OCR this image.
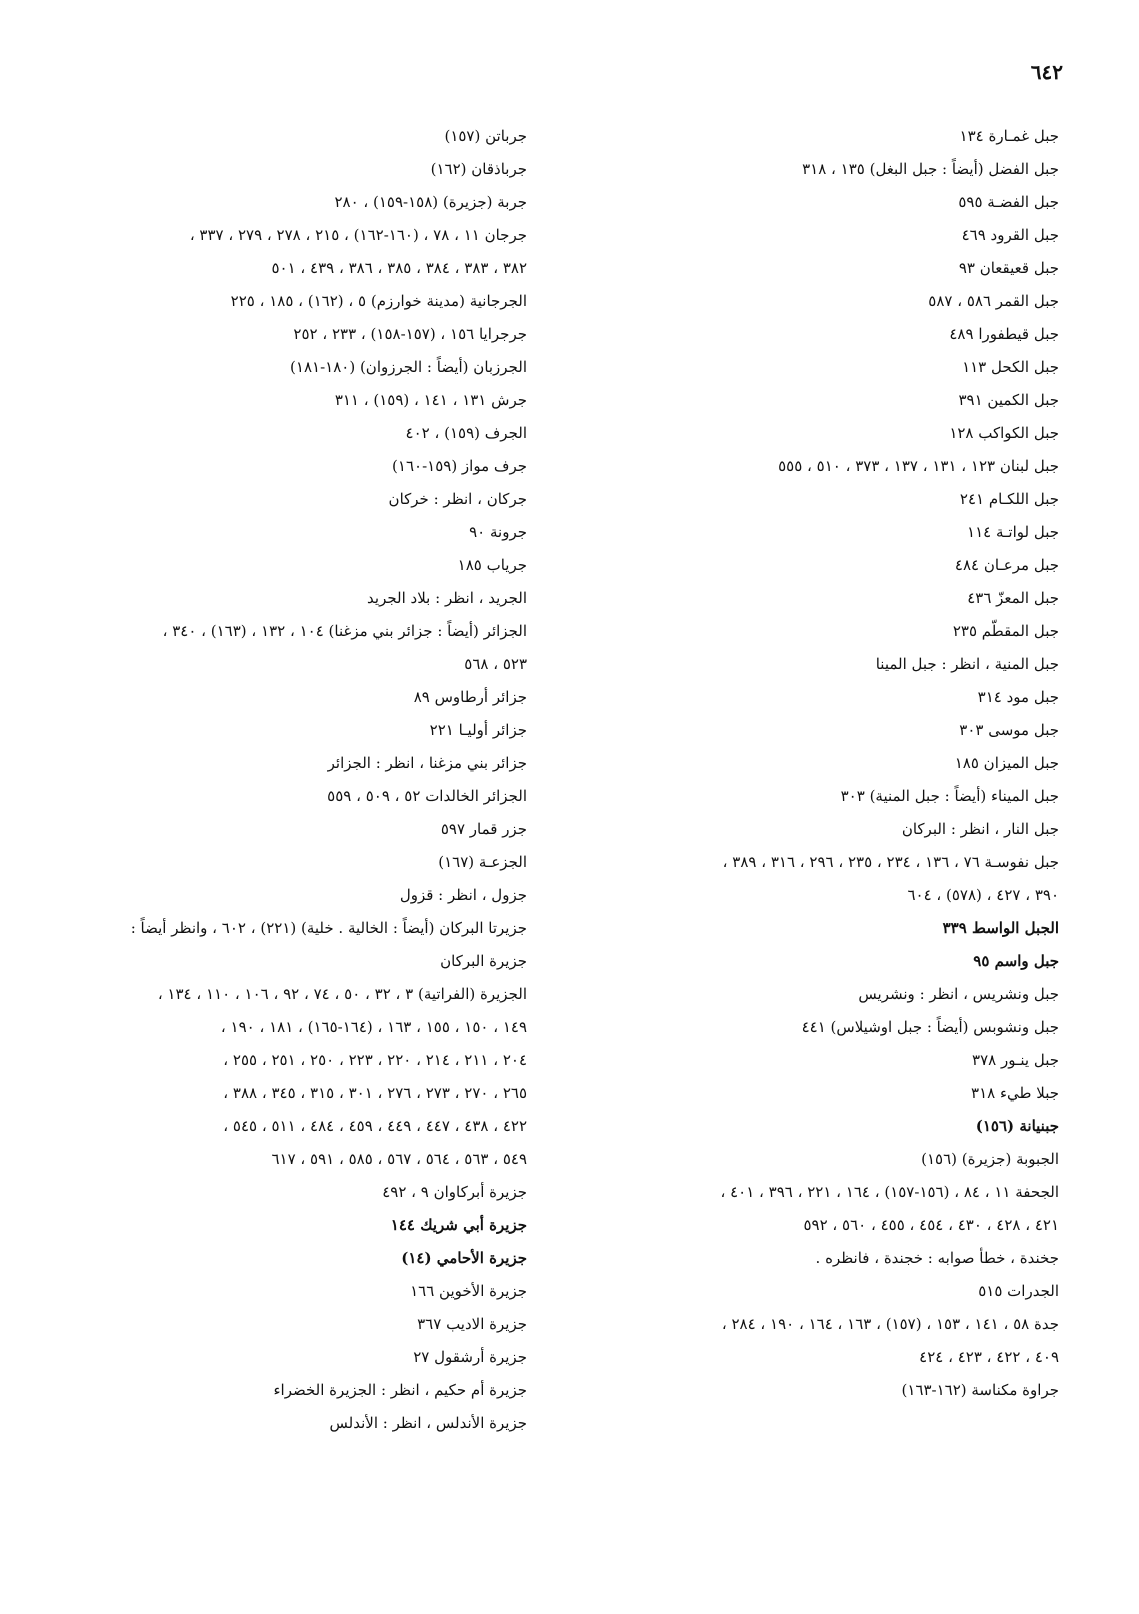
٦٤٢
جبل غمـارة ١٣٤
جبل الفضل (أيضاً : جبل البغل) ١٣٥ ، ٣١٨
جبل الفضـة ٥٩٥
جبل القرود ٤٦٩
جبل قعيقعان ٩٣
جبل القمر ٥٨٦ ، ٥٨٧
جبل قيطفورا ٤٨٩
جبل الكحل ١١٣
جبل الكمين ٣٩١
جبل الكواكب ١٢٨
جبل لبنان ١٢٣ ، ١٣١ ، ١٣٧ ، ٣٧٣ ، ٥١٠ ، ٥٥٥
جبل اللكـام ٢٤١
جبل لواتـة ١١٤
جبل مرعـان ٤٨٤
جبل المعزّ ٤٣٦
جبل المقطّم ٢٣٥
جبل المنية ، انظر : جبل المينا
جبل مود ٣١٤
جبل موسى ٣٠٣
جبل الميزان ١٨٥
جبل الميناء (أيضاً : جبل المنية) ٣٠٣
جبل النار ، انظر : البركان
جبل نفوسـة ٧٦ ، ١٣٦ ، ٢٣٤ ، ٢٣٥ ، ٢٩٦ ، ٣١٦ ، ٣٨٩ ،
٣٩٠ ، ٤٢٧ ، (٥٧٨) ، ٦٠٤
الجبل الواسط ٣٣٩
جبل واسم ٩٥
جبل ونشريس ، انظر : ونشريس
جبل ونشوبس (أيضاً : جبل اوشيلاس) ٤٤١
جبل ينـور ٣٧٨
جبلا طيء ٣١٨
جبنيانة (١٥٦)
الجبوبة (جزيرة) (١٥٦)
الجحفة ١١ ، ٨٤ ، (١٥٦-١٥٧) ، ١٦٤ ، ٢٢١ ، ٣٩٦ ، ٤٠١ ،
٤٢١ ، ٤٢٨ ، ٤٣٠ ، ٤٥٤ ، ٤٥٥ ، ٥٦٠ ، ٥٩٢
جخندة ، خطأ صوابه : خجندة ، فانظره .
الجدرات ٥١٥
جدة ٥٨ ، ١٤١ ، ١٥٣ ، (١٥٧) ، ١٦٣ ، ١٦٤ ، ١٩٠ ، ٢٨٤ ،
٤٠٩ ، ٤٢٢ ، ٤٢٣ ، ٤٢٤
جراوة مكناسة (١٦٢-١٦٣)
جرباتن (١٥٧)
جرباذقان (١٦٢)
جربة (جزيرة) (١٥٨-١٥٩) ، ٢٨٠
جرجان ١١ ، ٧٨ ، (١٦٠-١٦٢) ، ٢١٥ ، ٢٧٨ ، ٢٧٩ ، ٣٣٧ ،
٣٨٢ ، ٣٨٣ ، ٣٨٤ ، ٣٨٥ ، ٣٨٦ ، ٤٣٩ ، ٥٠١
الجرجانية (مدينة خوارزم) ٥ ، (١٦٢) ، ١٨٥ ، ٢٢٥
جرجرايا ١٥٦ ، (١٥٧-١٥٨) ، ٢٣٣ ، ٢٥٢
الجرزبان (أيضاً : الجرزوان) (١٨٠-١٨١)
جرش ١٣١ ، ١٤١ ، (١٥٩) ، ٣١١
الجرف (١٥٩) ، ٤٠٢
جرف مواز (١٥٩-١٦٠)
جركان ، انظر : خركان
جرونة ٩٠
جرياب ١٨٥
الجريد ، انظر : بلاد الجريد
الجزائر (أيضاً : جزائر بني مزغنا) ١٠٤ ، ١٣٢ ، (١٦٣) ، ٣٤٠ ،
٥٢٣ ، ٥٦٨
جزائر أرطاوس ٨٩
جزائر أوليـا ٢٢١
جزائر بني مزغنا ، انظر : الجزائر
الجزائر الخالدات ٥٢ ، ٥٠٩ ، ٥٥٩
جزر قمار ٥٩٧
الجزعـة (١٦٧)
جزول ، انظر : قزول
جزيرتا البركان (أيضاً : الخالية . خلية) (٢٢١) ، ٦٠٢ ، وانظر أيضاً :
جزيرة البركان
الجزيرة (الفراتية) ٣ ، ٣٢ ، ٥٠ ، ٧٤ ، ٩٢ ، ١٠٦ ، ١١٠ ، ١٣٤ ،
١٤٩ ، ١٥٠ ، ١٥٥ ، ١٦٣ ، (١٦٤-١٦٥) ، ١٨١ ، ١٩٠ ،
٢٠٤ ، ٢١١ ، ٢١٤ ، ٢٢٠ ، ٢٢٣ ، ٢٥٠ ، ٢٥١ ، ٢٥٥ ،
٢٦٥ ، ٢٧٠ ، ٢٧٣ ، ٢٧٦ ، ٣٠١ ، ٣١٥ ، ٣٤٥ ، ٣٨٨ ،
٤٢٢ ، ٤٣٨ ، ٤٤٧ ، ٤٤٩ ، ٤٥٩ ، ٤٨٤ ، ٥١١ ، ٥٤٥ ،
٥٤٩ ، ٥٦٣ ، ٥٦٤ ، ٥٦٧ ، ٥٨٥ ، ٥٩١ ، ٦١٧
جزيرة أبركاوان ٩ ، ٤٩٢
جزيرة أبي شريك ١٤٤
جزيرة الأحامي (١٤)
جزيرة الأخوين ١٦٦
جزيرة الاديب ٣٦٧
جزيرة أرشقول ٢٧
جزيرة أم حكيم ، انظر : الجزيرة الخضراء
جزيرة الأندلس ، انظر : الأندلس
